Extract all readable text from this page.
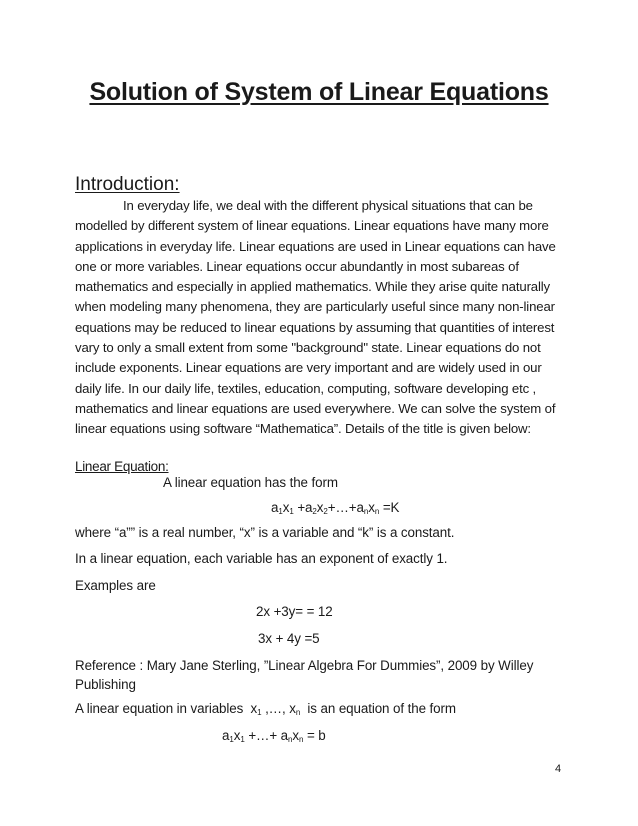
Solution of System of Linear Equations
Introduction:

In everyday life, we deal with the different physical situations that can be modelled by different system of linear equations. Linear equations have many more applications in everyday life. Linear equations are used in Linear equations can have one or more variables. Linear equations occur abundantly in most subareas of mathematics and especially in applied mathematics. While they arise quite naturally when modeling many phenomena, they are particularly useful since many non-linear equations may be reduced to linear equations by assuming that quantities of interest vary to only a small extent from some "background" state. Linear equations do not include exponents. Linear equations are very important and are widely used in our daily life. In our daily life, textiles, education, computing, software developing etc , mathematics and linear equations are used everywhere. We can solve the system of linear equations using software “Mathematica”. Details of the title is given below:

Linear Equation:

A linear equation has the form

$a_1x_1$ $+a_2x_2+\dots+a_nx_n =K$

where “a”” is a real number, “x” is a variable and “k” is a constant.

In a linear equation, each variable has an exponent of exactly 1.

Examples are

2x +3y= = 12

3x + 4y =5

Reference : Mary Jane Sterling, ”Linear Algebra For Dummies”, 2009 by Willey Publishing

A linear equation in variables $x_1$ ,…, $x_n$ is an equation of the form

$a_1x_1$ +…+ $a_nx_n = b$

4
